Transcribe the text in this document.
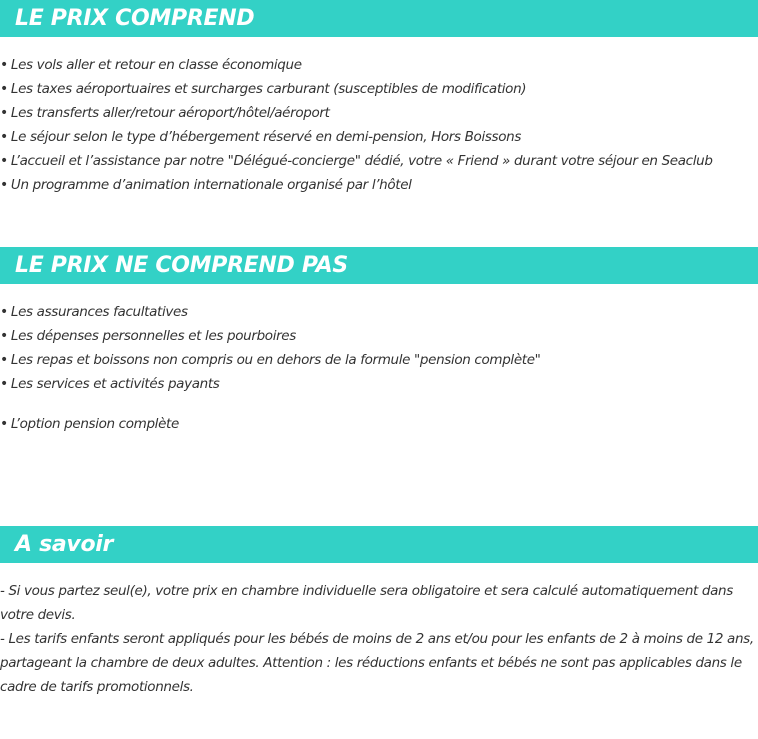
LE PRIX COMPREND
• Les vols aller et retour en classe économique
• Les taxes aéroportuaires et surcharges carburant (susceptibles de modification)
• Les transferts aller/retour aéroport/hôtel/aéroport
• Le séjour selon le type d’hébergement réservé en demi-pension, Hors Boissons
• L’accueil et l’assistance par notre "Délégué-concierge" dédié, votre « Friend » durant votre séjour en Seaclub
• Un programme d’animation internationale organisé par l’hôtel
LE PRIX NE COMPREND PAS
• Les assurances facultatives
• Les dépenses personnelles et les pourboires
• Les repas et boissons non compris ou en dehors de la formule "pension complète"
• Les services et activités payants
• L’option pension complète
A savoir

- Si vous partez seul(e), votre prix en chambre individuelle sera obligatoire et sera calculé automatiquement dans votre devis.

- Les tarifs enfants seront appliqués pour les bébés de moins de 2 ans et/ou pour les enfants de 2 à moins de 12 ans, partageant la chambre de deux adultes. Attention : les réductions enfants et bébés ne sont pas applicables dans le cadre de tarifs promotionnels.
